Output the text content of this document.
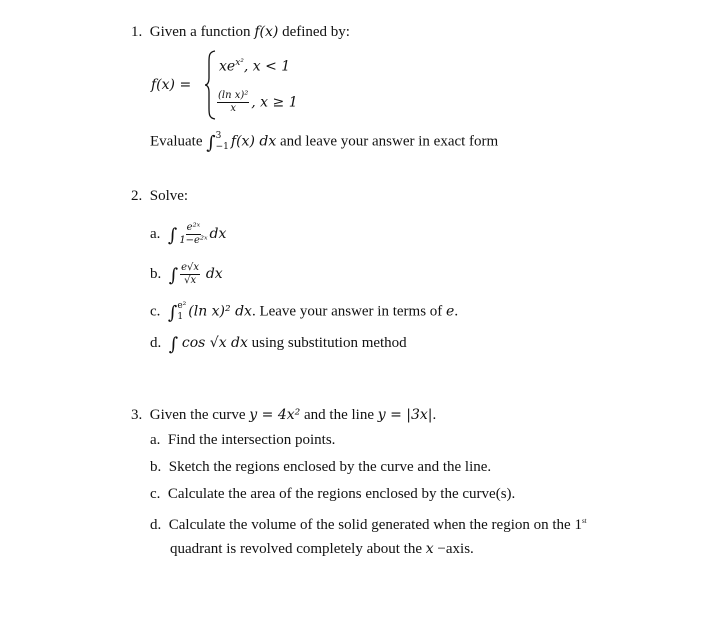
1. Given a function f(x) defined by:
f(x) =
$xe^{x^2}$, x < 1
$\frac{\text{(ln x)²}}{x}$ , x ≥ 1
Evaluate ∫ 3
−1 f(x) dx and leave your answer in exact form
2. Solve:
a. ∫ $\frac{\text{e²ˣ}}{\text{1−e²ˣ}}$ dx
b. ∫ $\frac{e√x}{√x}$ dx
c. ∫ e²
1 (ln x)² dx. Leave your answer in terms of e.
d. ∫ cos √x dx using substitution method
3. Given the curve y = 4x² and the line y = |3x|.
a. Find the intersection points.
b. Sketch the regions enclosed by the curve and the line.
c. Calculate the area of the regions enclosed by the curve(s).
d. Calculate the volume of the solid generated when the region on the 1st
quadrant is revolved completely about the x −axis.
